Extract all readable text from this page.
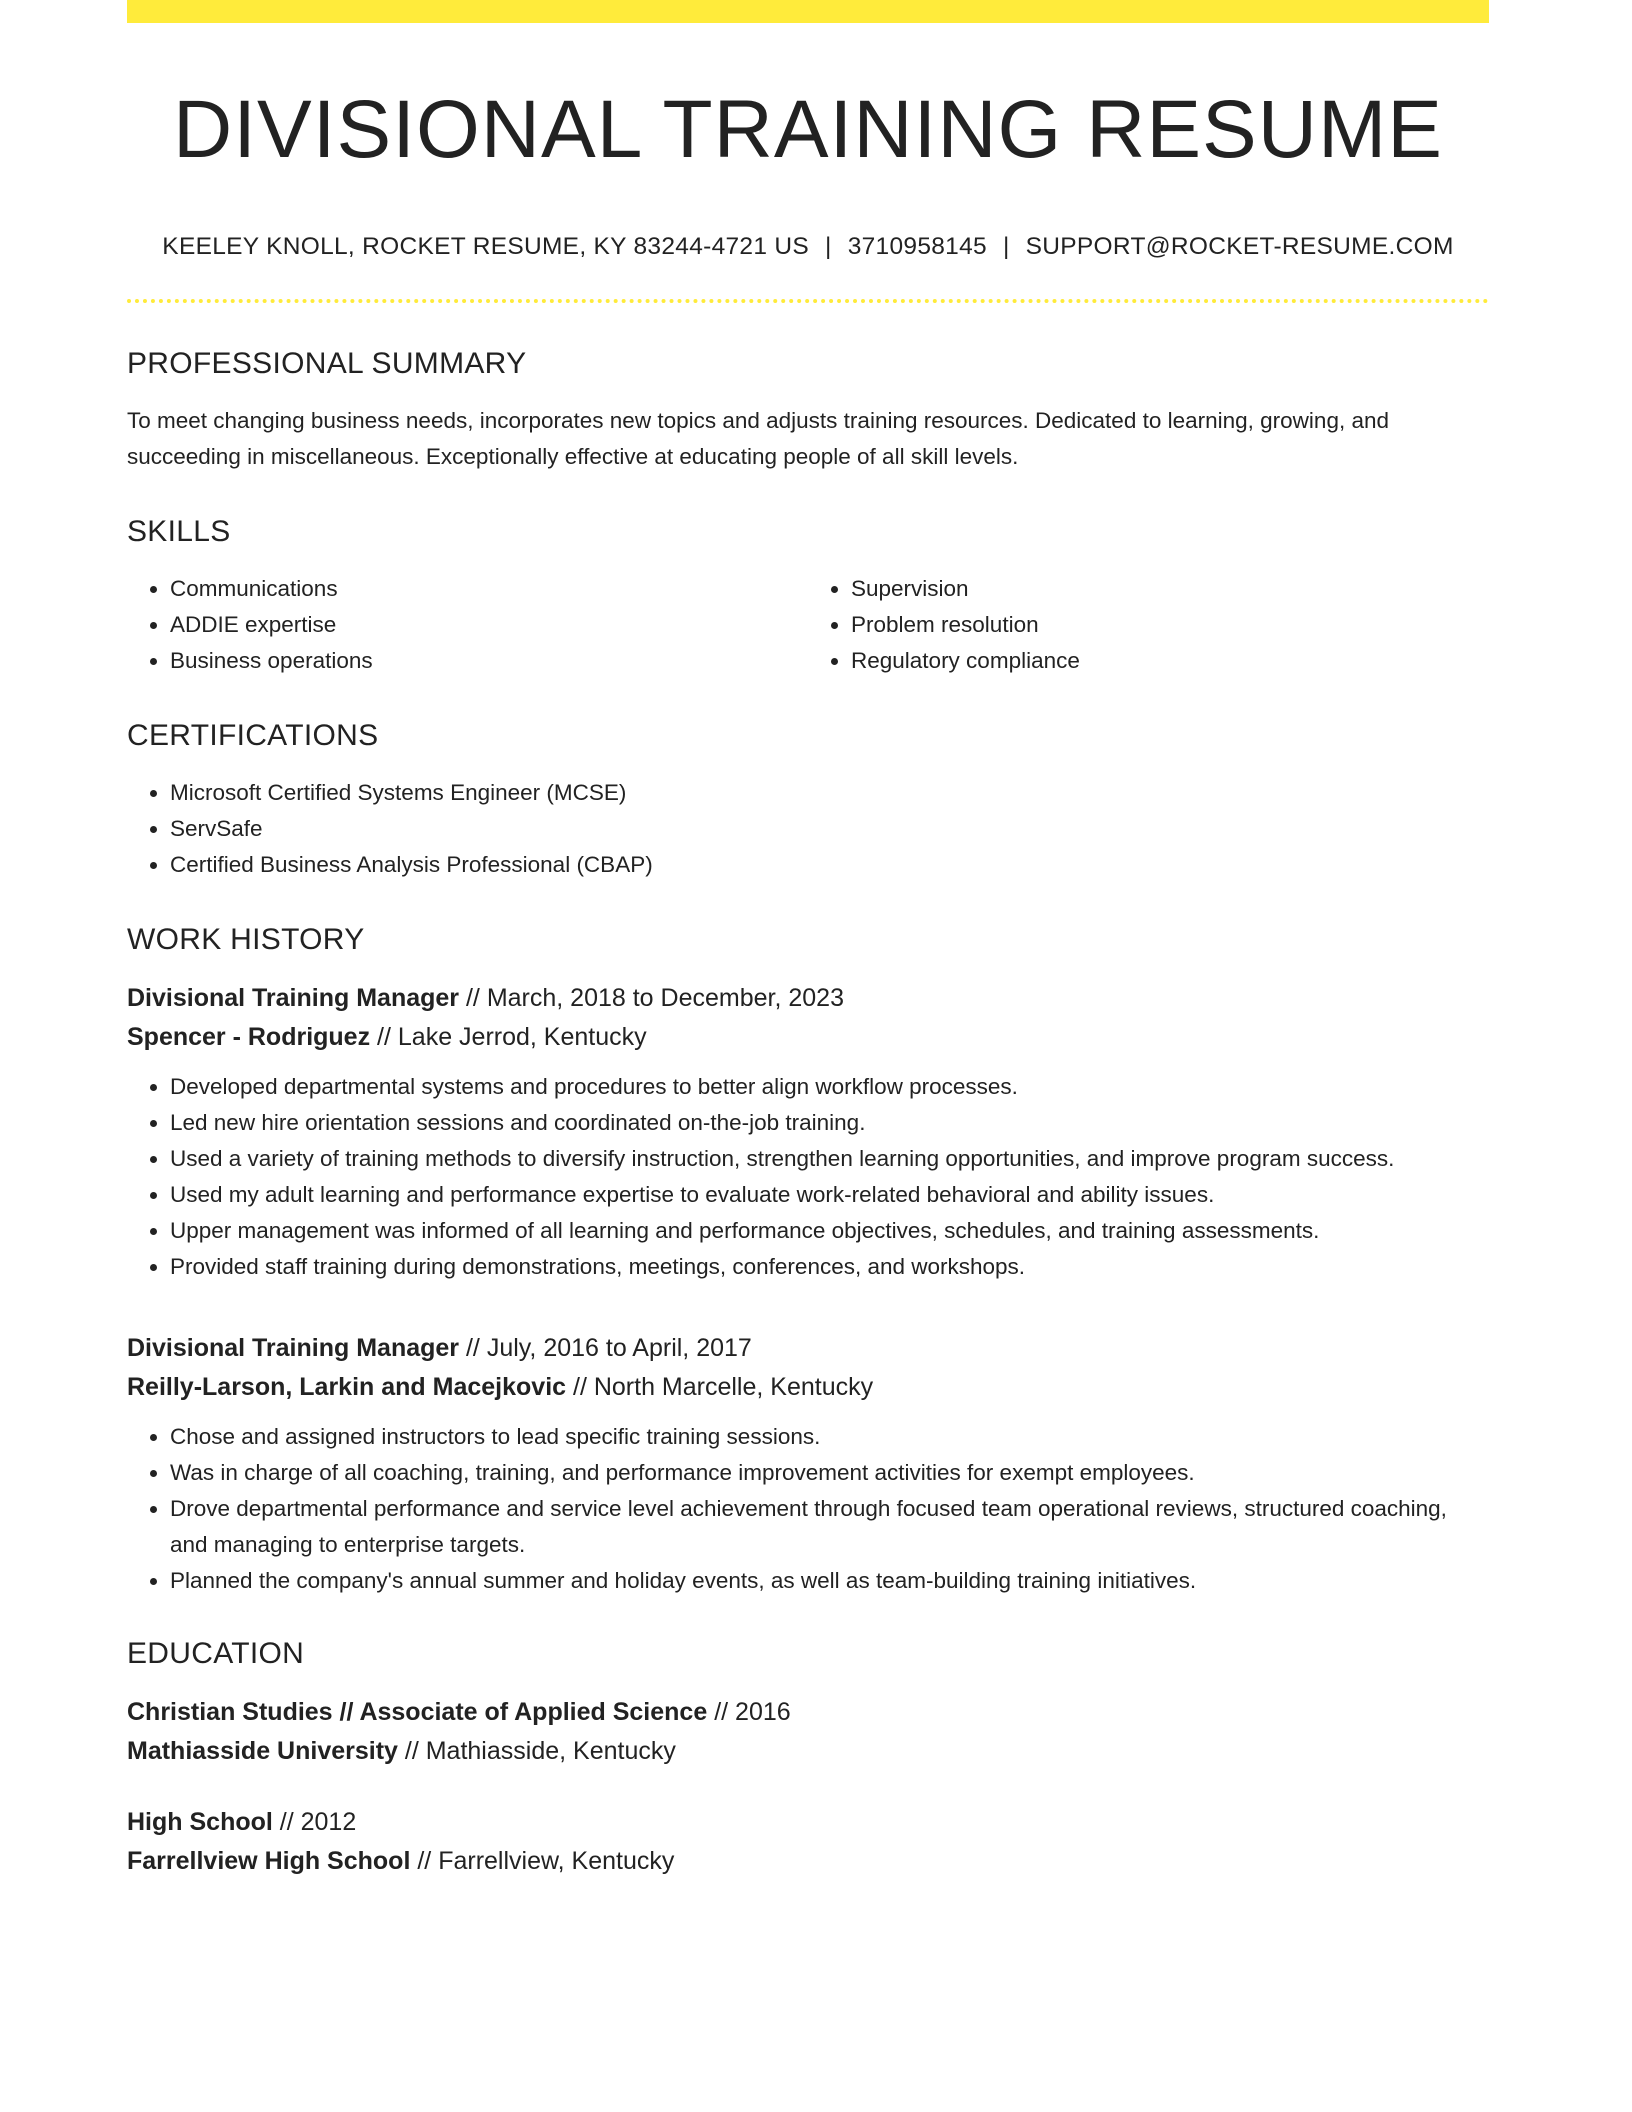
DIVISIONAL TRAINING RESUME
KEELEY KNOLL, ROCKET RESUME, KY 83244-4721 US | 3710958145 | SUPPORT@ROCKET-RESUME.COM
PROFESSIONAL SUMMARY

To meet changing business needs, incorporates new topics and adjusts training resources. Dedicated to learning, growing, and succeeding in miscellaneous. Exceptionally effective at educating people of all skill levels.

SKILLS
• Communications
• ADDIE expertise
• Business operations
• Supervision
• Problem resolution
• Regulatory compliance
CERTIFICATIONS
• Microsoft Certified Systems Engineer (MCSE)
• ServSafe
• Certified Business Analysis Professional (CBAP)
WORK HISTORY
Divisional Training Manager // March, 2018 to December, 2023
Spencer - Rodriguez // Lake Jerrod, Kentucky
• Developed departmental systems and procedures to better align workflow processes.
• Led new hire orientation sessions and coordinated on-the-job training.
• Used a variety of training methods to diversify instruction, strengthen learning opportunities, and improve program success.
• Used my adult learning and performance expertise to evaluate work-related behavioral and ability issues.
• Upper management was informed of all learning and performance objectives, schedules, and training assessments.
• Provided staff training during demonstrations, meetings, conferences, and workshops.
Divisional Training Manager // July, 2016 to April, 2017
Reilly-Larson, Larkin and Macejkovic // North Marcelle, Kentucky
• Chose and assigned instructors to lead specific training sessions.
• Was in charge of all coaching, training, and performance improvement activities for exempt employees.
• Drove departmental performance and service level achievement through focused team operational reviews, structured coaching, and managing to enterprise targets.
• Planned the company's annual summer and holiday events, as well as team-building training initiatives.
EDUCATION
Christian Studies // Associate of Applied Science // 2016
Mathiasside University // Mathiasside, Kentucky
High School // 2012
Farrellview High School // Farrellview, Kentucky
